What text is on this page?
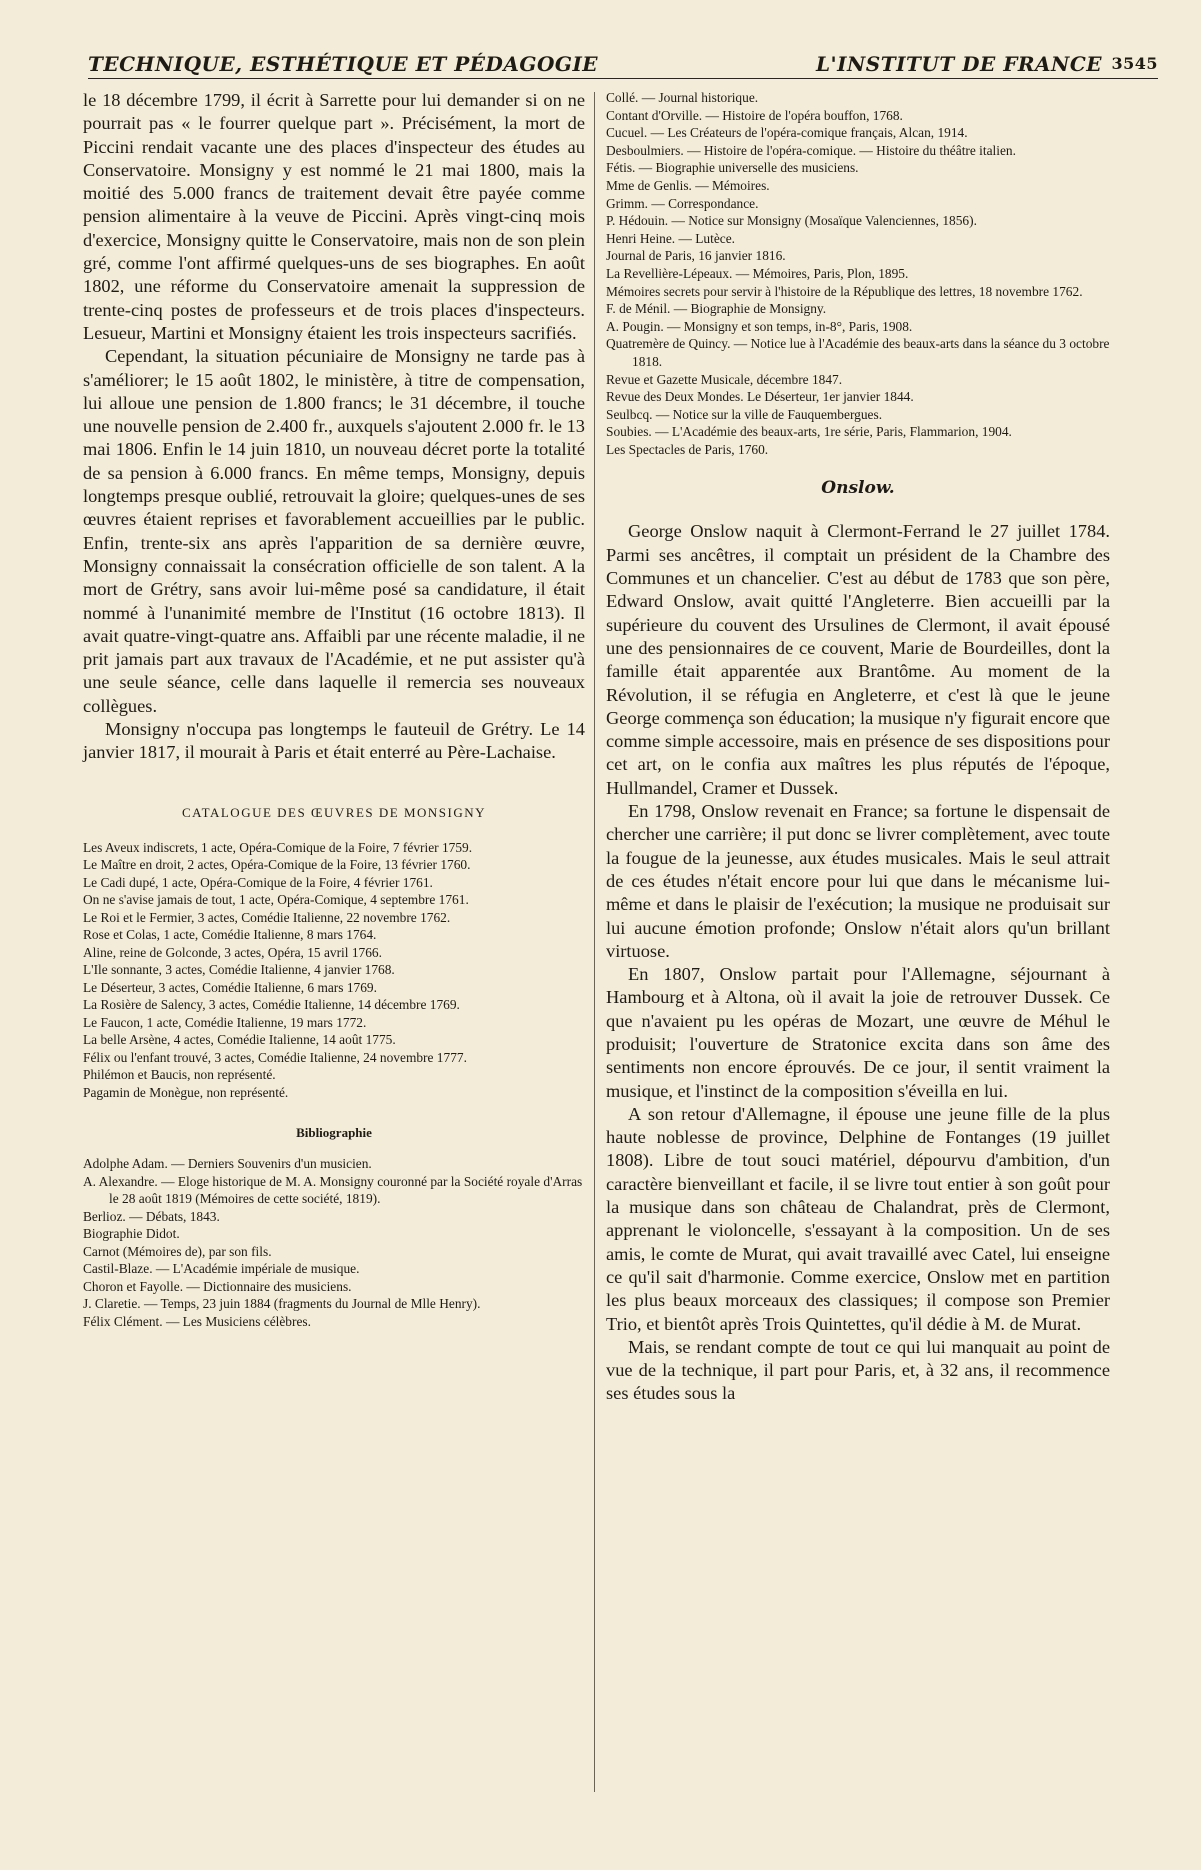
TECHNIQUE, ESTHÉTIQUE ET PÉDAGOGIE	L'INSTITUT DE FRANCE 3545

le 18 décembre 1799, il écrit à Sarrette pour lui demander si on ne pourrait pas « le fourrer quelque part ». Précisément, la mort de Piccini rendait vacante une des places d'inspecteur des études au Conservatoire. Monsigny y est nommé le 21 mai 1800, mais la moitié des 5.000 francs de traitement devait être payée comme pension alimentaire à la veuve de Piccini. Après vingt-cinq mois d'exercice, Monsigny quitte le Conservatoire, mais non de son plein gré, comme l'ont affirmé quelques-uns de ses biographes. En août 1802, une réforme du Conservatoire amenait la suppression de trente-cinq postes de professeurs et de trois places d'inspecteurs. Lesueur, Martini et Monsigny étaient les trois inspecteurs sacrifiés.

Cependant, la situation pécuniaire de Monsigny ne tarde pas à s'améliorer; le 15 août 1802, le ministère, à titre de compensation, lui alloue une pension de 1.800 francs; le 31 décembre, il touche une nouvelle pension de 2.400 fr., auxquels s'ajoutent 2.000 fr. le 13 mai 1806. Enfin le 14 juin 1810, un nouveau décret porte la totalité de sa pension à 6.000 francs. En même temps, Monsigny, depuis longtemps presque oublié, retrouvait la gloire; quelques-unes de ses œuvres étaient reprises et favorablement accueillies par le public. Enfin, trente-six ans après l'apparition de sa dernière œuvre, Monsigny connaissait la consécration officielle de son talent. A la mort de Grétry, sans avoir lui-même posé sa candidature, il était nommé à l'unanimité membre de l'Institut (16 octobre 1813). Il avait quatre-vingt-quatre ans. Affaibli par une récente maladie, il ne prit jamais part aux travaux de l'Académie, et ne put assister qu'à une seule séance, celle dans laquelle il remercia ses nouveaux collègues.

Monsigny n'occupa pas longtemps le fauteuil de Grétry. Le 14 janvier 1817, il mourait à Paris et était enterré au Père-Lachaise.

CATALOGUE DES ŒUVRES DE MONSIGNY

Les Aveux indiscrets, 1 acte, Opéra-Comique de la Foire, 7 février 1759.

Le Maître en droit, 2 actes, Opéra-Comique de la Foire, 13 février 1760.

Le Cadi dupé, 1 acte, Opéra-Comique de la Foire, 4 février 1761.

On ne s'avise jamais de tout, 1 acte, Opéra-Comique, 4 septembre 1761.

Le Roi et le Fermier, 3 actes, Comédie Italienne, 22 novembre 1762.

Rose et Colas, 1 acte, Comédie Italienne, 8 mars 1764.

Aline, reine de Golconde, 3 actes, Opéra, 15 avril 1766.

L'Ile sonnante, 3 actes, Comédie Italienne, 4 janvier 1768.

Le Déserteur, 3 actes, Comédie Italienne, 6 mars 1769.

La Rosière de Salency, 3 actes, Comédie Italienne, 14 décembre 1769.

Le Faucon, 1 acte, Comédie Italienne, 19 mars 1772.

La belle Arsène, 4 actes, Comédie Italienne, 14 août 1775.

Félix ou l'enfant trouvé, 3 actes, Comédie Italienne, 24 novembre 1777.

Philémon et Baucis, non représenté.

Pagamin de Monègue, non représenté.

Bibliographie

Adolphe Adam. — Derniers Souvenirs d'un musicien.

A. Alexandre. — Eloge historique de M. A. Monsigny couronné par la Société royale d'Arras le 28 août 1819 (Mémoires de cette société, 1819).

Berlioz. — Débats, 1843.

Biographie Didot.

Carnot (Mémoires de), par son fils.

Castil-Blaze. — L'Académie impériale de musique.

Choron et Fayolle. — Dictionnaire des musiciens.

J. Claretie. — Temps, 23 juin 1884 (fragments du Journal de Mlle Henry).

Félix Clément. — Les Musiciens célèbres.

Collé. — Journal historique.
Contant d'Orville. — Histoire de l'opéra bouffon, 1768.
Cucuel. — Les Créateurs de l'opéra-comique français, Alcan, 1914.
Desboulmiers. — Histoire de l'opéra-comique. — Histoire du théâtre italien.
Fétis. — Biographie universelle des musiciens.
Mme de Genlis. — Mémoires.
Grimm. — Correspondance.
P. Hédouin. — Notice sur Monsigny (Mosaïque Valenciennes, 1856).
Henri Heine. — Lutèce.
Journal de Paris, 16 janvier 1816.
La Revellière-Lépeaux. — Mémoires, Paris, Plon, 1895.
Mémoires secrets pour servir à l'histoire de la République des lettres, 18 novembre 1762.
F. de Ménil. — Biographie de Monsigny.
A. Pougin. — Monsigny et son temps, in-8°, Paris, 1908.
Quatremère de Quincy. — Notice lue à l'Académie des beaux-arts dans la séance du 3 octobre 1818.
Revue et Gazette Musicale, décembre 1847.
Revue des Deux Mondes. Le Déserteur, 1er janvier 1844.
Seulbcq. — Notice sur la ville de Fauquembergues.
Soubies. — L'Académie des beaux-arts, 1re série, Paris, Flammarion, 1904.
Les Spectacles de Paris, 1760.
Onslow.

George Onslow naquit à Clermont-Ferrand le 27 juillet 1784. Parmi ses ancêtres, il comptait un président de la Chambre des Communes et un chancelier. C'est au début de 1783 que son père, Edward Onslow, avait quitté l'Angleterre. Bien accueilli par la supérieure du couvent des Ursulines de Clermont, il avait épousé une des pensionnaires de ce couvent, Marie de Bourdeilles, dont la famille était apparentée aux Brantôme. Au moment de la Révolution, il se réfugia en Angleterre, et c'est là que le jeune George commença son éducation; la musique n'y figurait encore que comme simple accessoire, mais en présence de ses dispositions pour cet art, on le confia aux maîtres les plus réputés de l'époque, Hullmandel, Cramer et Dussek.

En 1798, Onslow revenait en France; sa fortune le dispensait de chercher une carrière; il put donc se livrer complètement, avec toute la fougue de la jeunesse, aux études musicales. Mais le seul attrait de ces études n'était encore pour lui que dans le mécanisme lui-même et dans le plaisir de l'exécution; la musique ne produisait sur lui aucune émotion profonde; Onslow n'était alors qu'un brillant virtuose.

En 1807, Onslow partait pour l'Allemagne, séjournant à Hambourg et à Altona, où il avait la joie de retrouver Dussek. Ce que n'avaient pu les opéras de Mozart, une œuvre de Méhul le produisit; l'ouverture de Stratonice excita dans son âme des sentiments non encore éprouvés. De ce jour, il sentit vraiment la musique, et l'instinct de la composition s'éveilla en lui.

A son retour d'Allemagne, il épouse une jeune fille de la plus haute noblesse de province, Delphine de Fontanges (19 juillet 1808). Libre de tout souci matériel, dépourvu d'ambition, d'un caractère bienveillant et facile, il se livre tout entier à son goût pour la musique dans son château de Chalandrat, près de Clermont, apprenant le violoncelle, s'essayant à la composition. Un de ses amis, le comte de Murat, qui avait travaillé avec Catel, lui enseigne ce qu'il sait d'harmonie. Comme exercice, Onslow met en partition les plus beaux morceaux des classiques; il compose son Premier Trio, et bientôt après Trois Quintettes, qu'il dédie à M. de Murat.

Mais, se rendant compte de tout ce qui lui manquait au point de vue de la technique, il part pour Paris, et, à 32 ans, il recommence ses études sous la
